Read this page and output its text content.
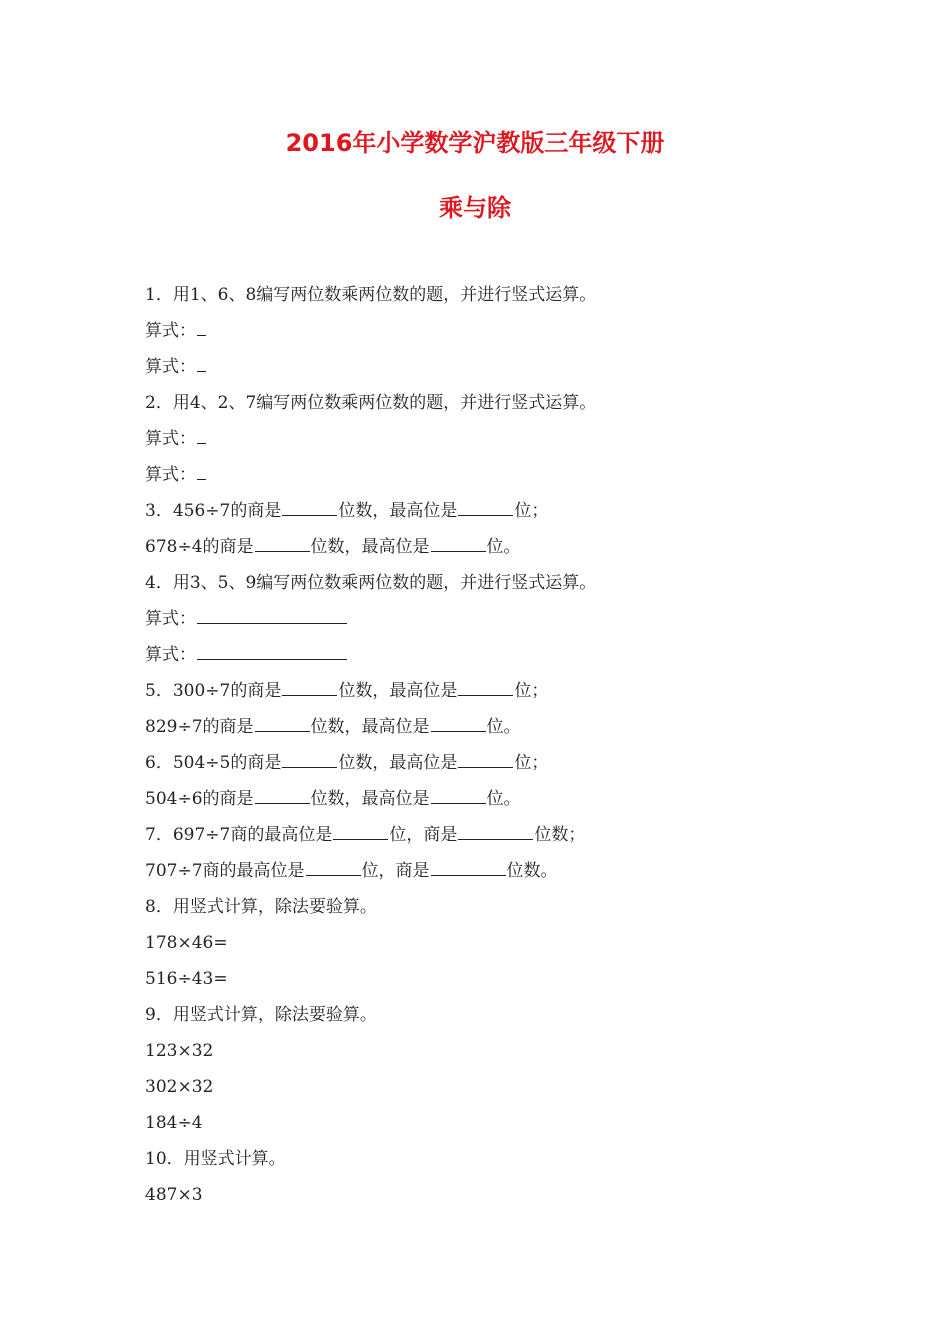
2016年小学数学沪教版三年级下册
乘与除
1．用1、6、8编写两位数乘两位数的题，并进行竖式运算。
算式：
算式：
2．用4、2、7编写两位数乘两位数的题，并进行竖式运算。
算式：
算式：
3．456÷7的商是	位数，最高位是	位；
678÷4的商是	位数，最高位是	位。
4．用3、5、9编写两位数乘两位数的题，并进行竖式运算。
算式：
算式：
5．300÷7的商是	位数，最高位是	位；
829÷7的商是	位数，最高位是	位。
6．504÷5的商是	位数，最高位是	位；
504÷6的商是	位数，最高位是	位。
7．697÷7商的最高位是	位，商是	位数；
707÷7商的最高位是	位，商是	位数。
8．用竖式计算，除法要验算。
178×46=
516÷43=
9．用竖式计算，除法要验算。
123×32
302×32
184÷4
10．用竖式计算。
487×3
